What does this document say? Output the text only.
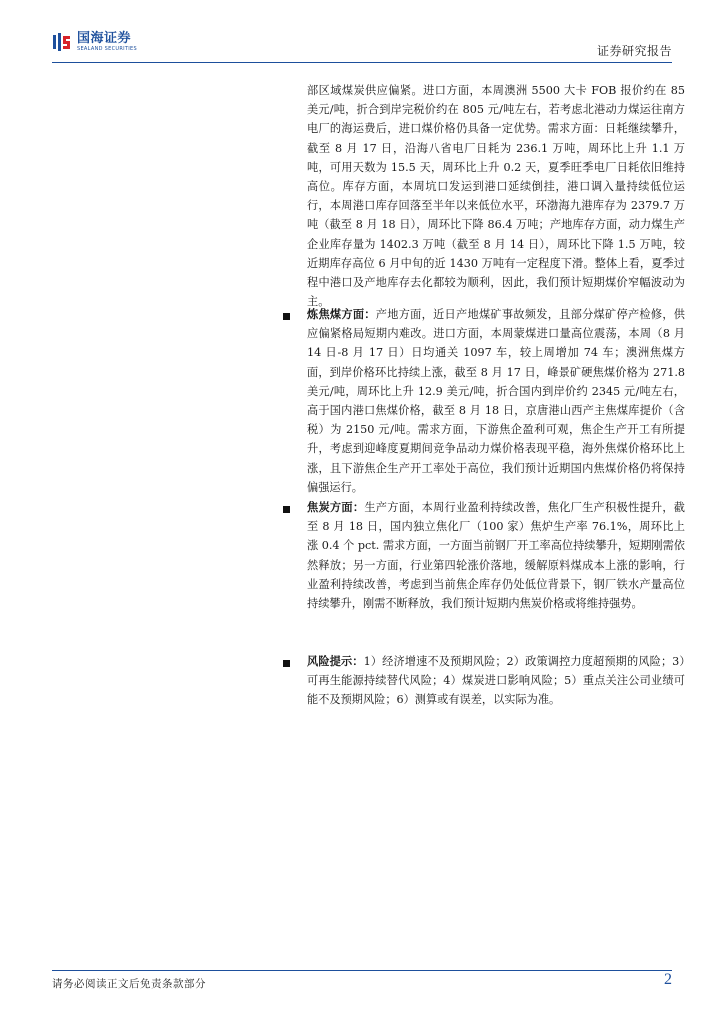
国海证券
SEALAND SECURITIES	证券研究报告

部区域煤炭供应偏紧。进口方面，本周澳洲 5500 大卡 FOB 报价约在 85 美元/吨，折合到岸完税价约在 805 元/吨左右，若考虑北港动力煤运往南方电厂的海运费后，进口煤价格仍具备一定优势。需求方面：日耗继续攀升，截至 8 月 17 日，沿海八省电厂日耗为 236.1 万吨，周环比上升 1.1 万吨，可用天数为 15.5 天，周环比上升 0.2 天，夏季旺季电厂日耗依旧维持高位。库存方面，本周坑口发运到港口延续倒挂，港口调入量持续低位运行，本周港口库存回落至半年以来低位水平，环渤海九港库存为 2379.7 万吨（截至 8 月 18 日），周环比下降 86.4 万吨；产地库存方面，动力煤生产企业库存量为 1402.3 万吨（截至 8 月 14 日），周环比下降 1.5 万吨，较近期库存高位 6 月中旬的近 1430 万吨有一定程度下滑。整体上看，夏季过程中港口及产地库存去化都较为顺利，因此，我们预计短期煤价窄幅波动为主。

炼焦煤方面：产地方面，近日产地煤矿事故频发，且部分煤矿停产检修，供应偏紧格局短期内难改。进口方面，本周蒙煤进口量高位震荡，本周（8 月 14 日-8 月 17 日）日均通关 1097 车，较上周增加 74 车；澳洲焦煤方面，到岸价格环比持续上涨，截至 8 月 17 日，峰景矿硬焦煤价格为 271.8 美元/吨，周环比上升 12.9 美元/吨，折合国内到岸价约 2345 元/吨左右，高于国内港口焦煤价格，截至 8 月 18 日，京唐港山西产主焦煤库提价（含税）为 2150 元/吨。需求方面，下游焦企盈利可观，焦企生产开工有所提升，考虑到迎峰度夏期间竞争品动力煤价格表现平稳，海外焦煤价格环比上涨，且下游焦企生产开工率处于高位，我们预计近期国内焦煤价格仍将保持偏强运行。

焦炭方面：生产方面，本周行业盈利持续改善，焦化厂生产积极性提升，截至 8 月 18 日，国内独立焦化厂（100 家）焦炉生产率 76.1%，周环比上涨 0.4 个 pct. 需求方面，一方面当前钢厂开工率高位持续攀升，短期刚需依然释放；另一方面，行业第四轮涨价落地，缓解原料煤成本上涨的影响，行业盈利持续改善，考虑到当前焦企库存仍处低位背景下，钢厂铁水产量高位持续攀升，刚需不断释放，我们预计短期内焦炭价格或将维持强势。

风险提示：1）经济增速不及预期风险；2）政策调控力度超预期的风险；3）可再生能源持续替代风险；4）煤炭进口影响风险；5）重点关注公司业绩可能不及预期风险；6）测算或有误差，以实际为准。

请务必阅读正文后免责条款部分	2
